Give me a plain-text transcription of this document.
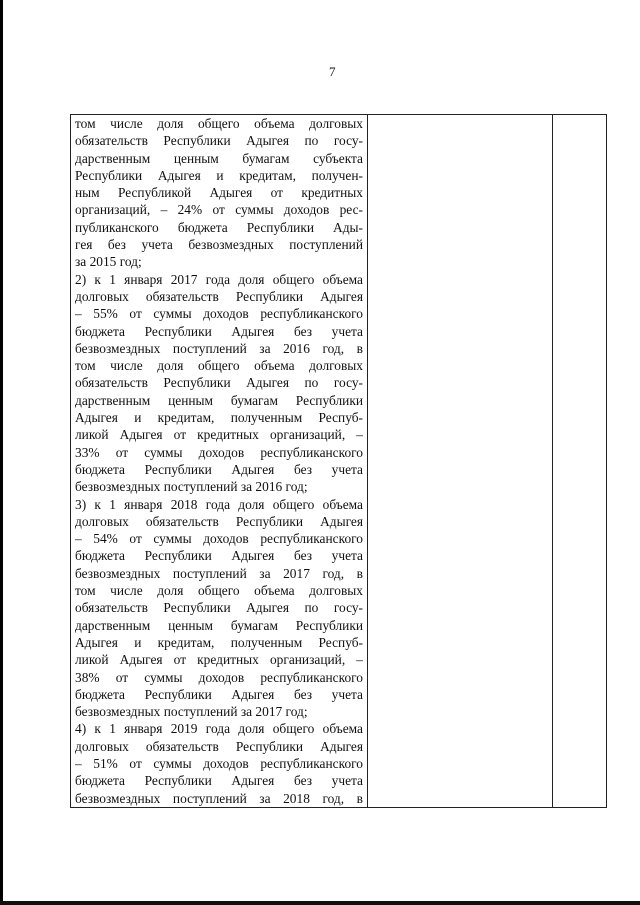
7
том числе доля общего объема долговых
обязательств Республики Адыгея по госу-
дарственным ценным бумагам субъекта
Республики Адыгея и кредитам, получен-
ным Республикой Адыгея от кредитных
организаций, – 24% от суммы доходов рес-
публиканского бюджета Республики Ады-
гея без учета безвозмездных поступлений
за 2015 год;
2) к 1 января 2017 года доля общего объема
долговых обязательств Республики Адыгея
– 55% от суммы доходов республиканского
бюджета Республики Адыгея без учета
безвозмездных поступлений за 2016 год, в
том числе доля общего объема долговых
обязательств Республики Адыгея по госу-
дарственным ценным бумагам Республики
Адыгея и кредитам, полученным Респуб-
ликой Адыгея от кредитных организаций, –
33% от суммы доходов республиканского
бюджета Республики Адыгея без учета
безвозмездных поступлений за 2016 год;
3) к 1 января 2018 года доля общего объема
долговых обязательств Республики Адыгея
– 54% от суммы доходов республиканского
бюджета Республики Адыгея без учета
безвозмездных поступлений за 2017 год, в
том числе доля общего объема долговых
обязательств Республики Адыгея по госу-
дарственным ценным бумагам Республики
Адыгея и кредитам, полученным Респуб-
ликой Адыгея от кредитных организаций, –
38% от суммы доходов республиканского
бюджета Республики Адыгея без учета
безвозмездных поступлений за 2017 год;
4) к 1 января 2019 года доля общего объема
долговых обязательств Республики Адыгея
– 51% от суммы доходов республиканского
бюджета Республики Адыгея без учета
безвозмездных поступлений за 2018 год, в
